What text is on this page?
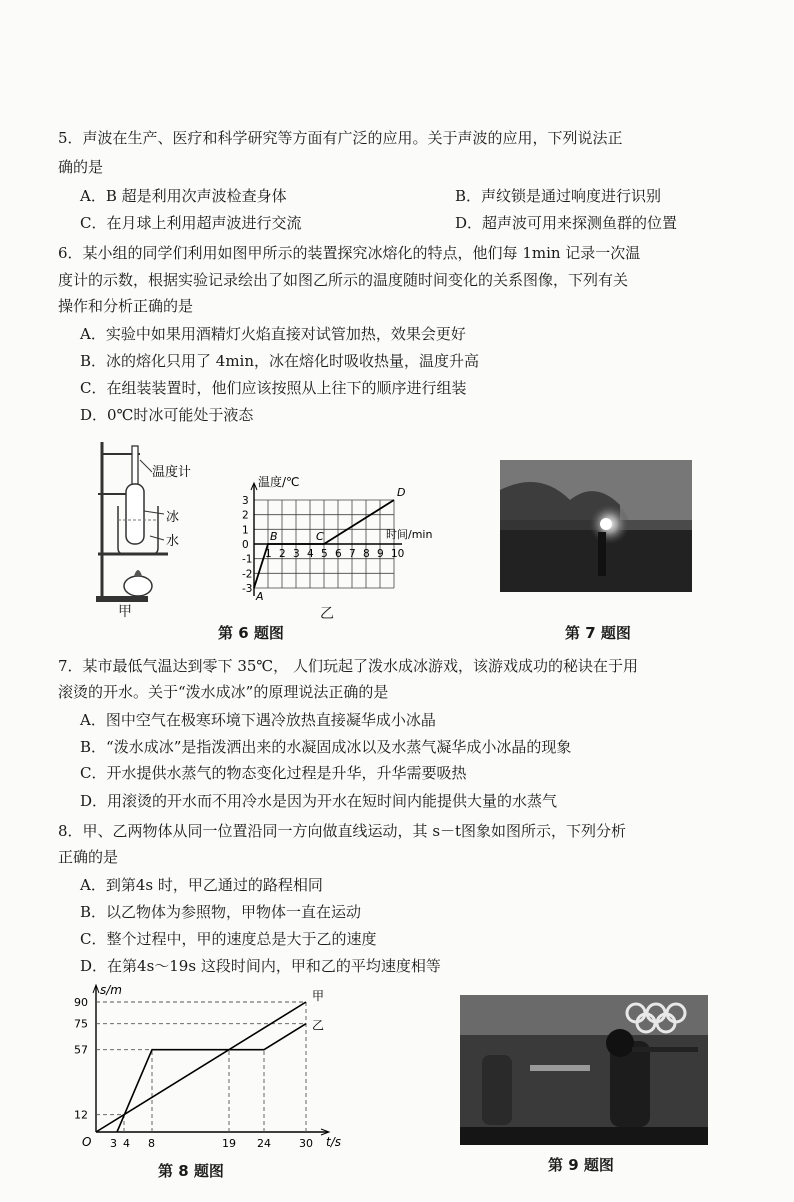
5．声波在生产、医疗和科学研究等方面有广泛的应用。关于声波的应用，下列说法正
确的是
A．B 超是利用次声波检查身体	B．声纹锁是通过响度进行识别
C．在月球上利用超声波进行交流	D．超声波可用来探测鱼群的位置
6．某小组的同学们利用如图甲所示的装置探究冰熔化的特点，他们每 1min 记录一次温
度计的示数，根据实验记录绘出了如图乙所示的温度随时间变化的关系图像，下列有关
操作和分析正确的是
A．实验中如果用酒精灯火焰直接对试管加热，效果会更好
B．冰的熔化只用了 4min，冰在熔化时吸收热量，温度升高
C．在组装装置时，他们应该按照从上往下的顺序进行组装
D．0℃时冰可能处于液态
温度计
冰
水
甲
温度/℃
时间/min
1 2 3 4 5 6 7 8 9 10
3
2
1
0
-1
-2
-3
A
B	C
D
乙
第 6 题图	第 7 题图
7．某市最低气温达到零下 35℃， 人们玩起了泼水成冰游戏，该游戏成功的秘诀在于用
滚烫的开水。关于“泼水成冰”的原理说法正确的是
A．图中空气在极寒环境下遇冷放热直接凝华成小冰晶
B．“泼水成冰”是指泼洒出来的水凝固成冰以及水蒸气凝华成小冰晶的现象
C．开水提供水蒸气的物态变化过程是升华，升华需要吸热
D．用滚烫的开水而不用冷水是因为开水在短时间内能提供大量的水蒸气
8．甲、乙两物体从同一位置沿同一方向做直线运动，其 s－t图象如图所示，下列分析
正确的是
A．到第4s 时，甲乙通过的路程相同
B．以乙物体为参照物，甲物体一直在运动
C．整个过程中，甲的速度总是大于乙的速度
D．在第4s～19s 这段时间内，甲和乙的平均速度相等
s/m
t/s
O
12
57
75
90
3 4 8	19 24	30
甲
乙
第 8 题图	第 9 题图
